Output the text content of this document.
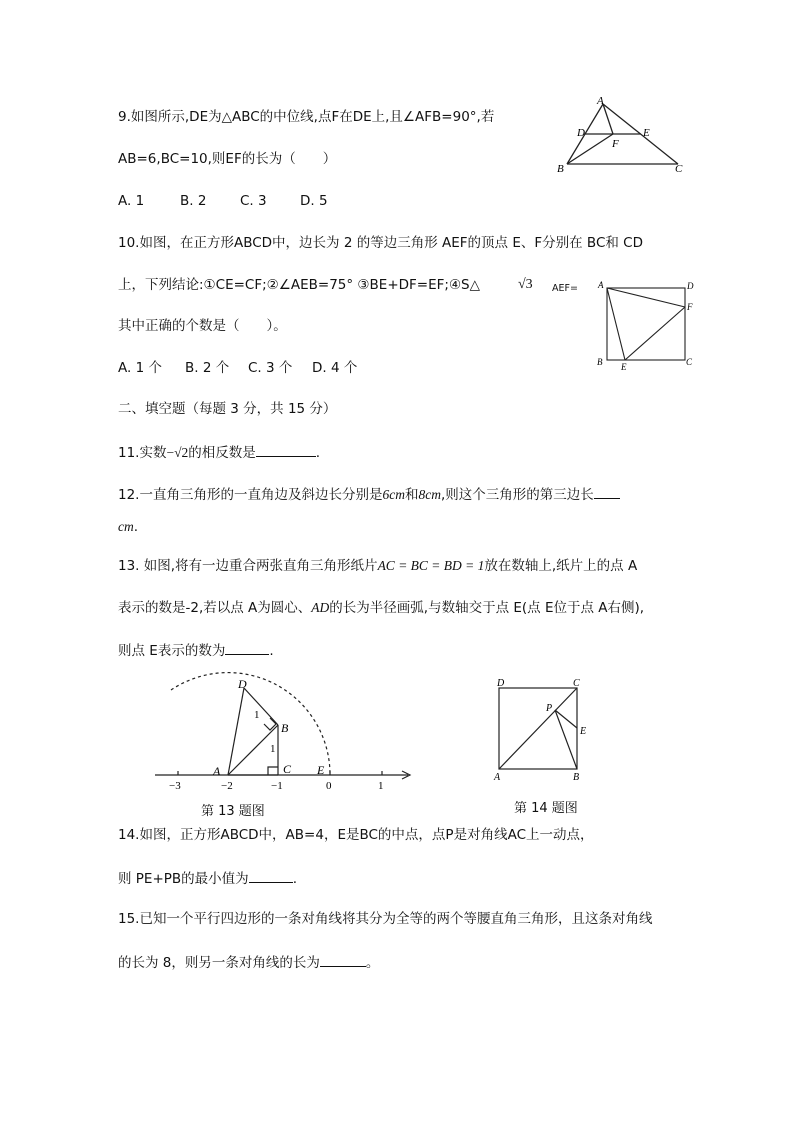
9.如图所示,DE为△ABC的中位线,点F在DE上,且∠AFB=90°,若
AB=6,BC=10,则EF的长为（　　）
A. 1	B. 2 C. 3 D. 5
A
B	C
D	E
F
10.如图，在正方形ABCD中，边长为 2 的等边三角形 AEF的顶点 E、F分别在 BC和 CD
上，下列结论:①CE=CF;②∠AEB=75° ③BE+DF=EF;④S△	√3 AEF=
其中正确的个数是（　　）。
A. 1 个 B. 2 个 C. 3 个 D. 4 个
A	D
F
B E	C
二、填空题（每题 3 分，共 15 分）
11.实数−√2的相反数是	.
12.一直角三角形的一直角边及斜边长分别是6cm和8cm,则这个三角形的第三边长
cm.
13. 如图,将有一边重合两张直角三角形纸片AC = BC = BD = 1放在数轴上,纸片上的点 A
表示的数是-2,若以点 A为圆心、AD的长为半径画弧,与数轴交于点 E(点 E位于点 A右侧),
则点 E表示的数为	.
D
B
A	C E
1
1
−3	−2	−1	0	1
第 13 题图
D	C
P
E
A	B
第 14 题图
14.如图，正方形ABCD中，AB=4，E是BC的中点，点P是对角线AC上一动点，
则 PE+PB的最小值为	.
15.已知一个平行四边形的一条对角线将其分为全等的两个等腰直角三角形，且这条对角线
的长为 8，则另一条对角线的长为	。
